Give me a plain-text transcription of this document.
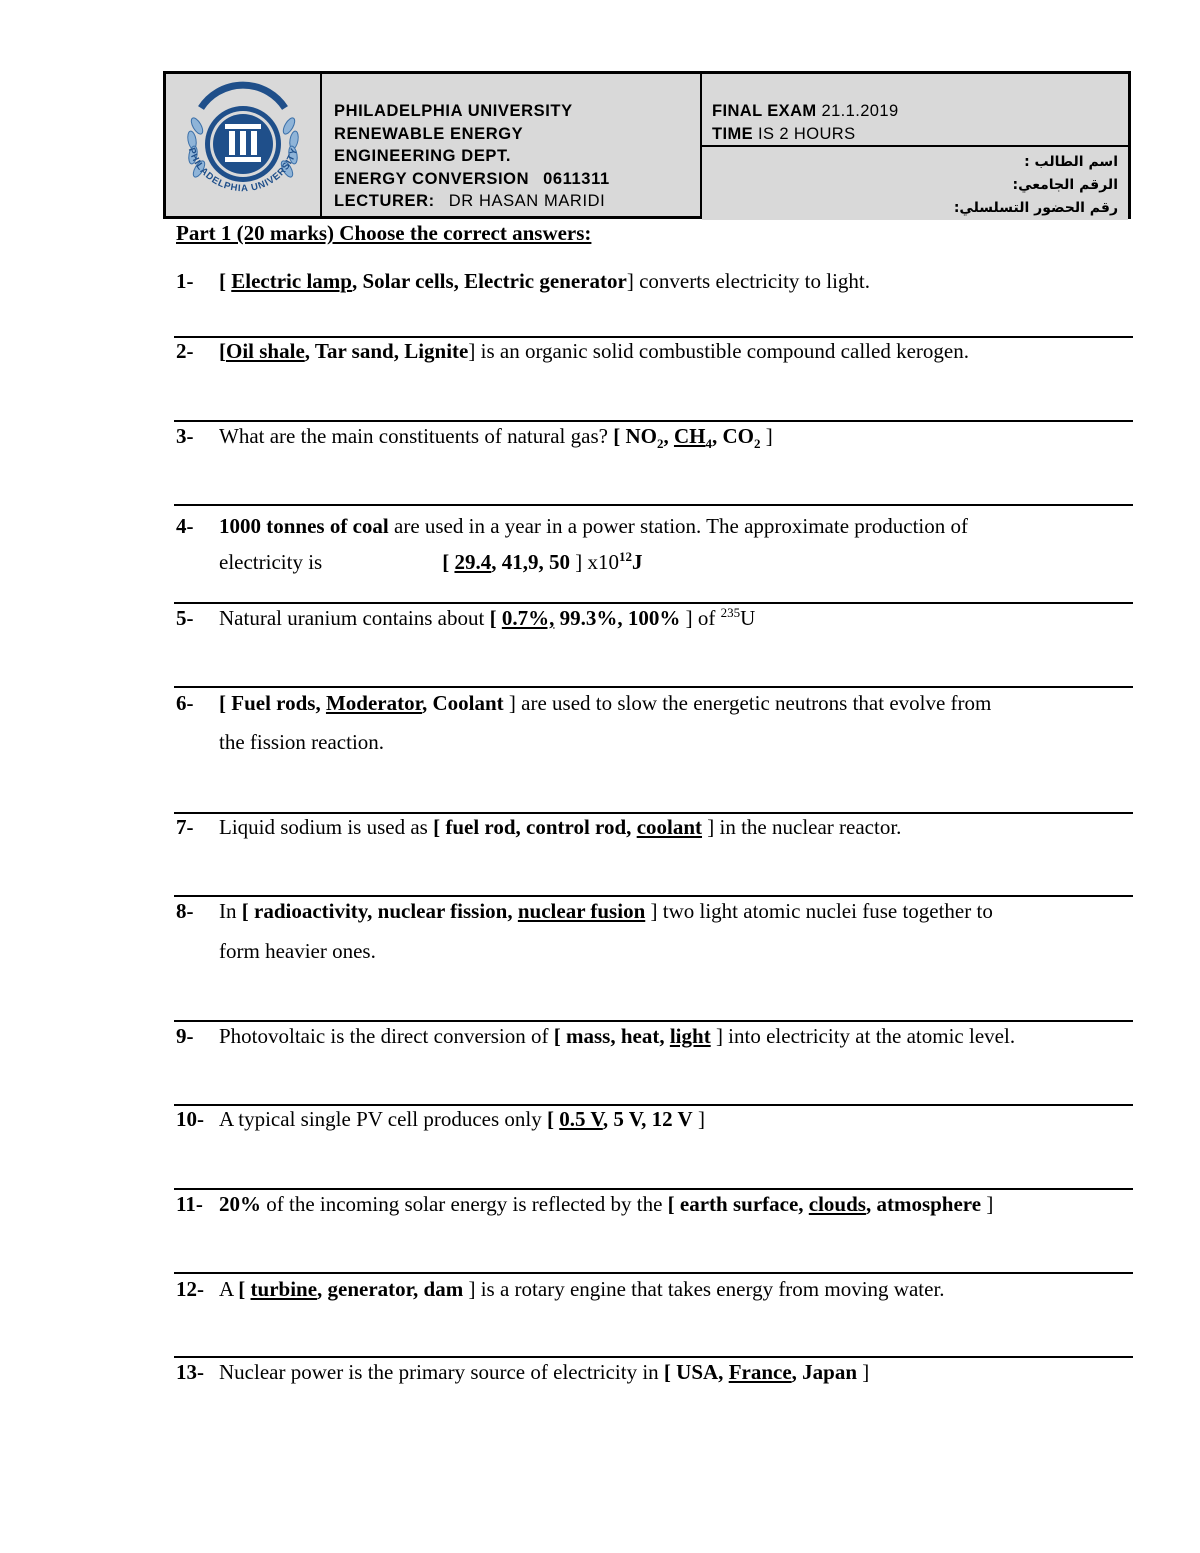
PHILADELPHIA UNIVERSITY
PHILADELPHIA UNIVERSITY
RENEWABLE ENERGY
ENGINEERING DEPT.
ENERGY CONVERSION 0611311
LECTURER: DR HASAN MARIDI
FINAL EXAM 21.1.2019
TIME IS 2 HOURS
اسم الطالب :
الرقم الجامعي:
رقم الحضور التسلسلي:
Part 1 (20 marks) Choose the correct answers:
1- [ Electric lamp, Solar cells, Electric generator] converts electricity to light.
2- [Oil shale, Tar sand, Lignite] is an organic solid combustible compound called kerogen.
3- What are the main constituents of natural gas? [ $NO_2$, $CH_4$, $CO_2$ ]
4- 1000 tonnes of coal are used in a year in a power station. The approximate production of
electricity is	[ 29.4, 41,9, 50 ] $x10^{12}J$
5- Natural uranium contains about [ 0.7%, 99.3%, 100% ] of $^{235}$U
6- [ Fuel rods, Moderator, Coolant ] are used to slow the energetic neutrons that evolve from
the fission reaction.
7- Liquid sodium is used as [ fuel rod, control rod, coolant ] in the nuclear reactor.
8- In [ radioactivity, nuclear fission, nuclear fusion ] two light atomic nuclei fuse together to
form heavier ones.
9- Photovoltaic is the direct conversion of [ mass, heat, light ] into electricity at the atomic level.
10- A typical single PV cell produces only [ 0.5 V, 5 V, 12 V ]
11- 20% of the incoming solar energy is reflected by the [ earth surface, clouds, atmosphere ]
12- A [ turbine, generator, dam ] is a rotary engine that takes energy from moving water.
13- Nuclear power is the primary source of electricity in [ USA, France, Japan ]
